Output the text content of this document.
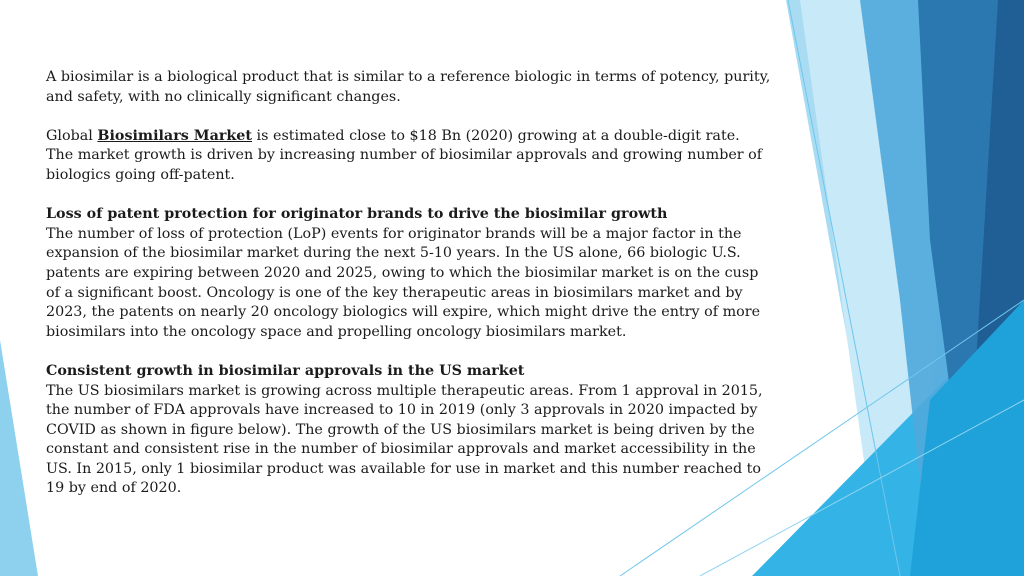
A biosimilar is a biological product that is similar to a reference biologic in terms of potency, purity, and safety, with no clinically significant changes.

Global Biosimilars Market is estimated close to $18 Bn (2020) growing at a double-digit rate. The market growth is driven by increasing number of biosimilar approvals and growing number of biologics going off-patent.

Loss of patent protection for originator brands to drive the biosimilar growth
The number of loss of protection (LoP) events for originator brands will be a major factor in the expansion of the biosimilar market during the next 5-10 years. In the US alone, 66 biologic U.S. patents are expiring between 2020 and 2025, owing to which the biosimilar market is on the cusp of a significant boost. Oncology is one of the key therapeutic areas in biosimilars market and by 2023, the patents on nearly 20 oncology biologics will expire, which might drive the entry of more biosimilars into the oncology space and propelling oncology biosimilars market.

Consistent growth in biosimilar approvals in the US market
The US biosimilars market is growing across multiple therapeutic areas. From 1 approval in 2015, the number of FDA approvals have increased to 10 in 2019 (only 3 approvals in 2020 impacted by COVID as shown in figure below). The growth of the US biosimilars market is being driven by the constant and consistent rise in the number of biosimilar approvals and market accessibility in the US. In 2015, only 1 biosimilar product was available for use in market and this number reached to 19 by end of 2020.
